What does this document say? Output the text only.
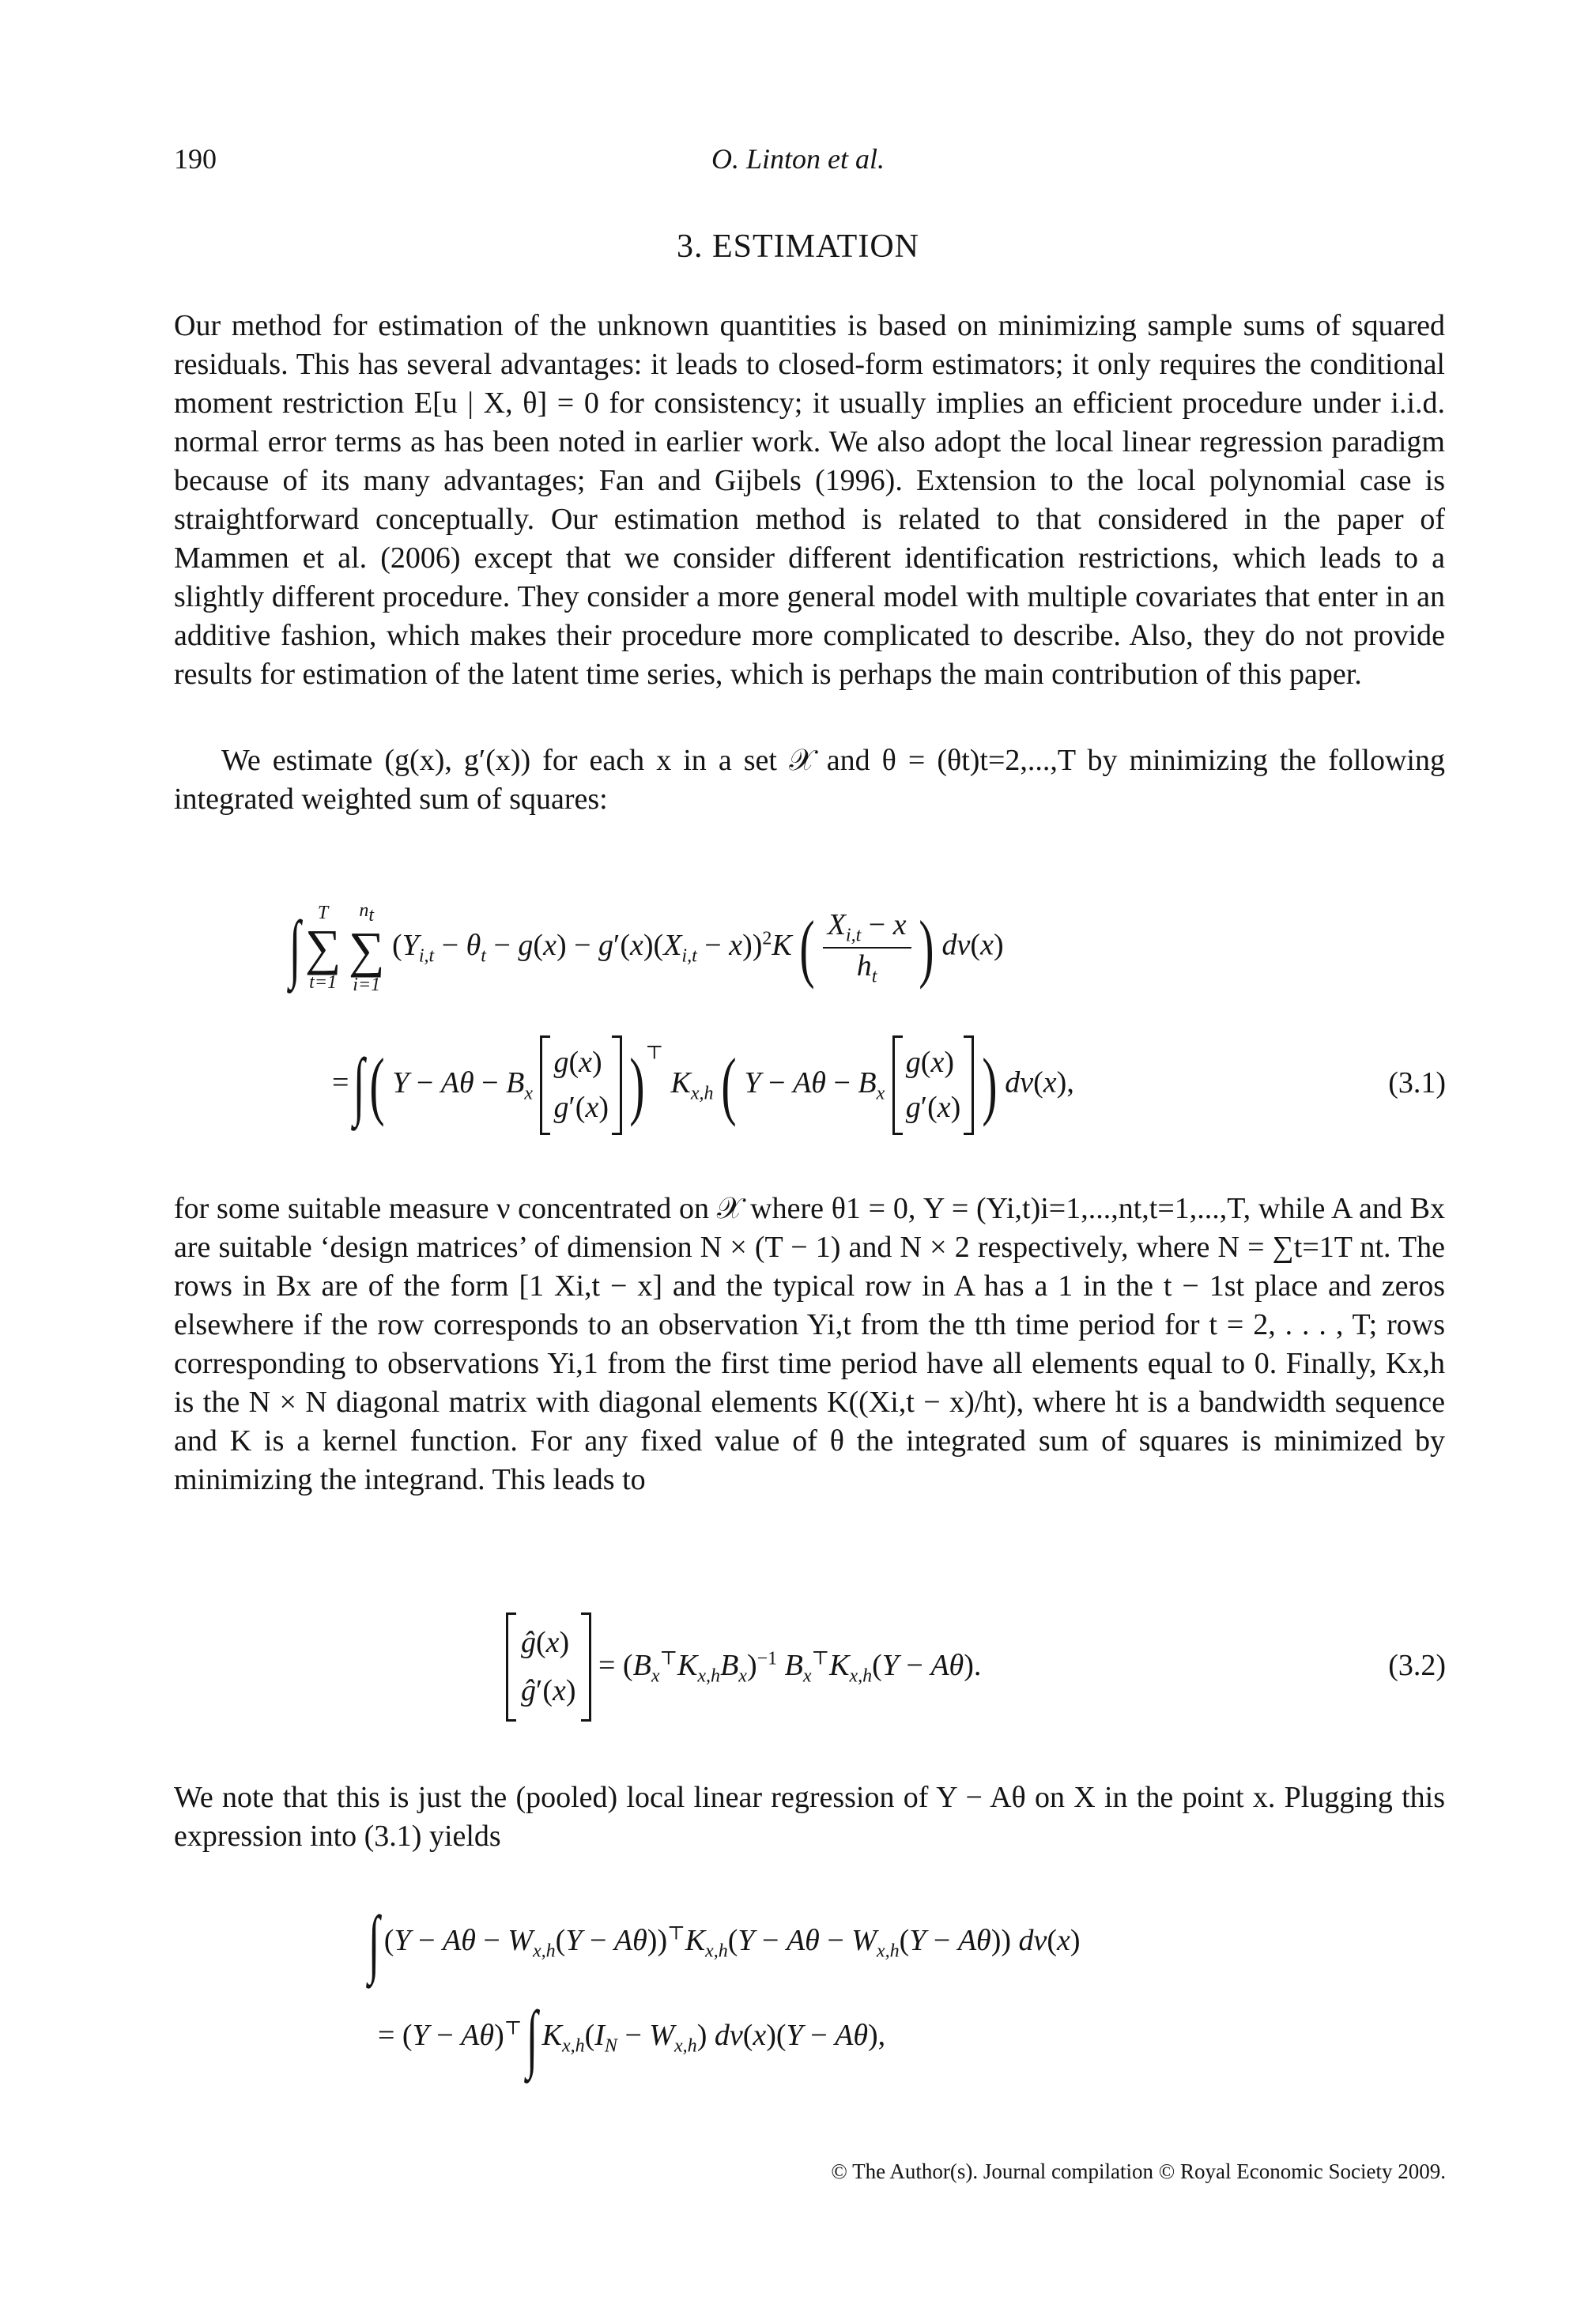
190	O. Linton et al.
3. ESTIMATION

Our method for estimation of the unknown quantities is based on minimizing sample sums of squared residuals. This has several advantages: it leads to closed-form estimators; it only requires the conditional moment restriction E[u | X, θ] = 0 for consistency; it usually implies an efficient procedure under i.i.d. normal error terms as has been noted in earlier work. We also adopt the local linear regression paradigm because of its many advantages; Fan and Gijbels (1996). Extension to the local polynomial case is straightforward conceptually. Our estimation method is related to that considered in the paper of Mammen et al. (2006) except that we consider different identification restrictions, which leads to a slightly different procedure. They consider a more general model with multiple covariates that enter in an additive fashion, which makes their procedure more complicated to describe. Also, they do not provide results for estimation of the latent time series, which is perhaps the main contribution of this paper.

We estimate (g(x), g′(x)) for each x in a set 𝒳 and θ = (θt)t=2,...,T by minimizing the following integrated weighted sum of squares:

∫ T
∑
t=1

$n_t$
∑
i=1
$(Y_{i,t} - \theta_t - g(x) - g'(x)(X_{i,t} - x))^2K$ ( $\frac{X_{i,t} - x}{h_t}$ ) dν(x)
= ∫ ( $Y - A\theta - B_x$
g(x)
g′(x) )⊤ $K_{x,h}$ ( $Y - A\theta - B_x$
g(x)
g′(x) ) dν(x),	(3.1)

for some suitable measure ν concentrated on 𝒳 where θ1 = 0, Y = (Yi,t)i=1,...,nt,t=1,...,T, while A and Bx are suitable ‘design matrices’ of dimension N × (T − 1) and N × 2 respectively, where N = ∑t=1T nt. The rows in Bx are of the form [1 Xi,t − x] and the typical row in A has a 1 in the t − 1st place and zeros elsewhere if the row corresponds to an observation Yi,t from the tth time period for t = 2, . . . , T; rows corresponding to observations Yi,1 from the first time period have all elements equal to 0. Finally, Kx,h is the N × N diagonal matrix with diagonal elements K((Xi,t − x)/ht), where ht is a bandwidth sequence and K is a kernel function. For any fixed value of θ the integrated sum of squares is minimized by minimizing the integrand. This leads to

ĝ(x)
ĝ′(x)
= $(B_x^⊤K_{x,h}B_x)^{-1}$ $B_x^⊤K_{x,h}(Y - A\theta)$.	(3.2)

We note that this is just the (pooled) local linear regression of Y − Aθ on X in the point x. Plugging this expression into (3.1) yields

∫ $(Y - A\theta - W_{x,h}(Y - A\theta))^⊤K_{x,h}(Y - A\theta - W_{x,h}(Y - A\theta))$ dν(x)
= (Y − Aθ)⊤ ∫ $K_{x,h}(I_N - W_{x,h}) d\nu(x)(Y - A\theta)$,
© The Author(s). Journal compilation © Royal Economic Society 2009.
